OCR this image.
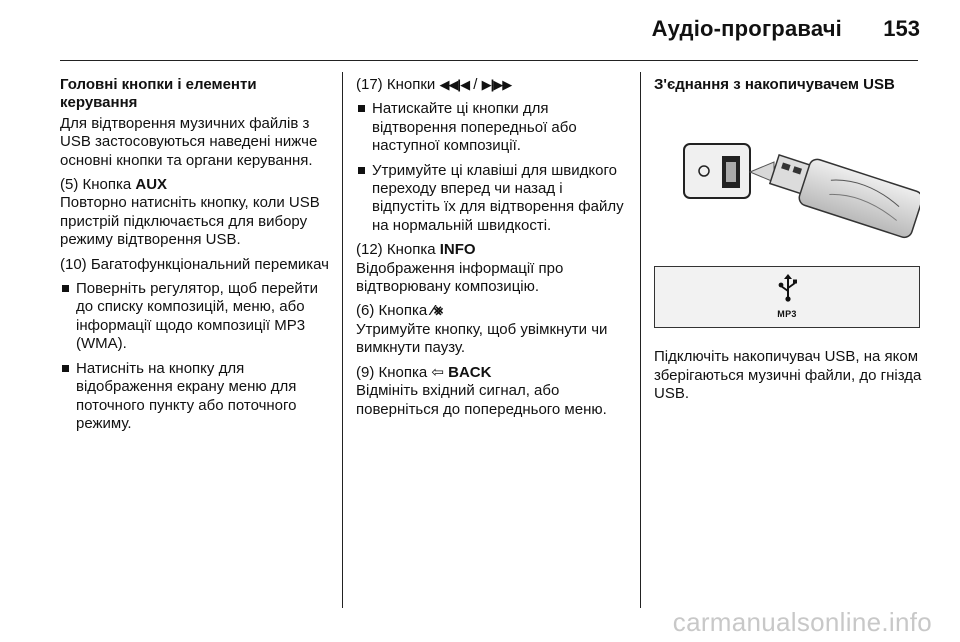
Аудіо-програвачі 153

Головні кнопки і елементи керування

Для відтворення музичних файлів з USB застосовуються наведені нижче основні кнопки та органи керування.

(5) Кнопка AUX

Повторно натисніть кнопку, коли USB пристрій підключається для вибору режиму відтворення USB.

(10) Багатофункціональний перемикач

Поверніть регулятор, щоб перейти до списку композицій, меню, або інформації щодо композиції MP3 (WMA).
Натисніть на кнопку для відображення екрану меню для поточного пункту або поточного режиму.

(17) Кнопки ◀◀|◀ / ▶|▶▶

Натискайте ці кнопки для відтворення попередньої або наступної композиції.
Утримуйте ці клавіші для швидкого переходу вперед чи назад і відпустіть їх для відтворення файлу на нормальній швидкості.

(12) Кнопка INFO

Відображення інформації про відтворювану композицію.

(6) Кнопка ⁄⨳

Утримуйте кнопку, щоб увімкнути чи вимкнути паузу.

(9) Кнопка ⇦ BACK

Відмініть вхідний сигнал, або поверніться до попереднього меню.

З'єднання з накопичувачем USB

MP3

Підключіть накопичувач USB, на яком зберігаються музичні файли, до гнізда USB.

carmanualsonline.info
